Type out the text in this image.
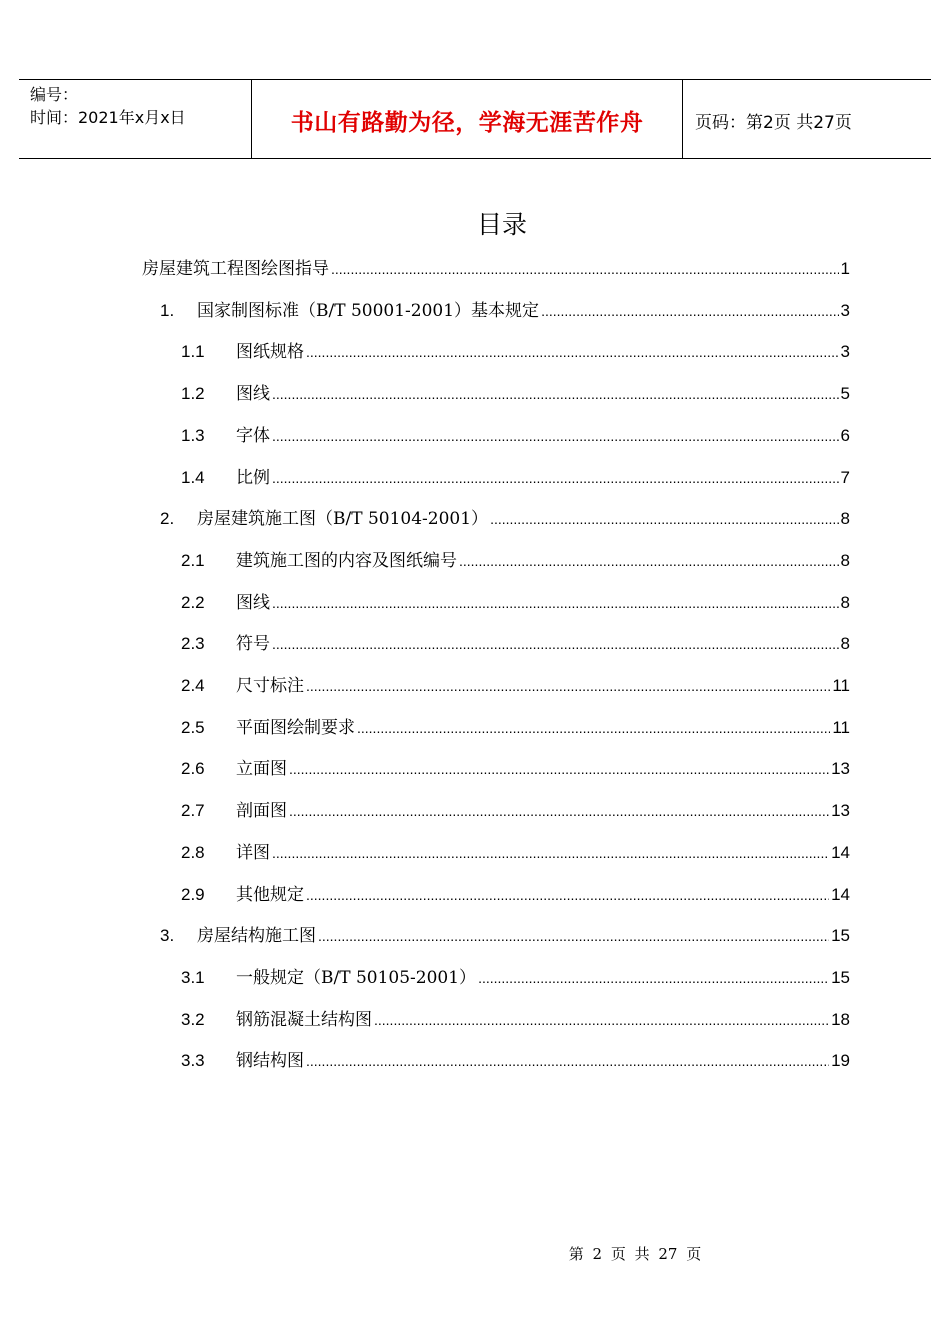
编号：
时间：2021年x月x日	书山有路勤为径，学海无涯苦作舟	页码：第2页 共27页
目录
房屋建筑工程图绘图指导 .....	1
1.	国家制图标准（B/T 50001-2001）基本规定 .....	3
1.1	图纸规格 .....	3
1.2	图线 .....	5
1.3	字体 .....	6
1.4	比例 .....	7
2.	房屋建筑施工图（B/T 50104-2001） .....	8
2.1	建筑施工图的内容及图纸编号 .....	8
2.2	图线 .....	8
2.3	符号 .....	8
2.4	尺寸标注 .....	11
2.5	平面图绘制要求 .....	11
2.6	立面图 .....	13
2.7	剖面图 .....	13
2.8	详图 .....	14
2.9	其他规定 .....	14
3.	房屋结构施工图 .....	15
3.1	一般规定（B/T 50105-2001） .....	15
3.2	钢筋混凝土结构图 .....	18
3.3	钢结构图 .....	19
第 2 页 共 27 页
